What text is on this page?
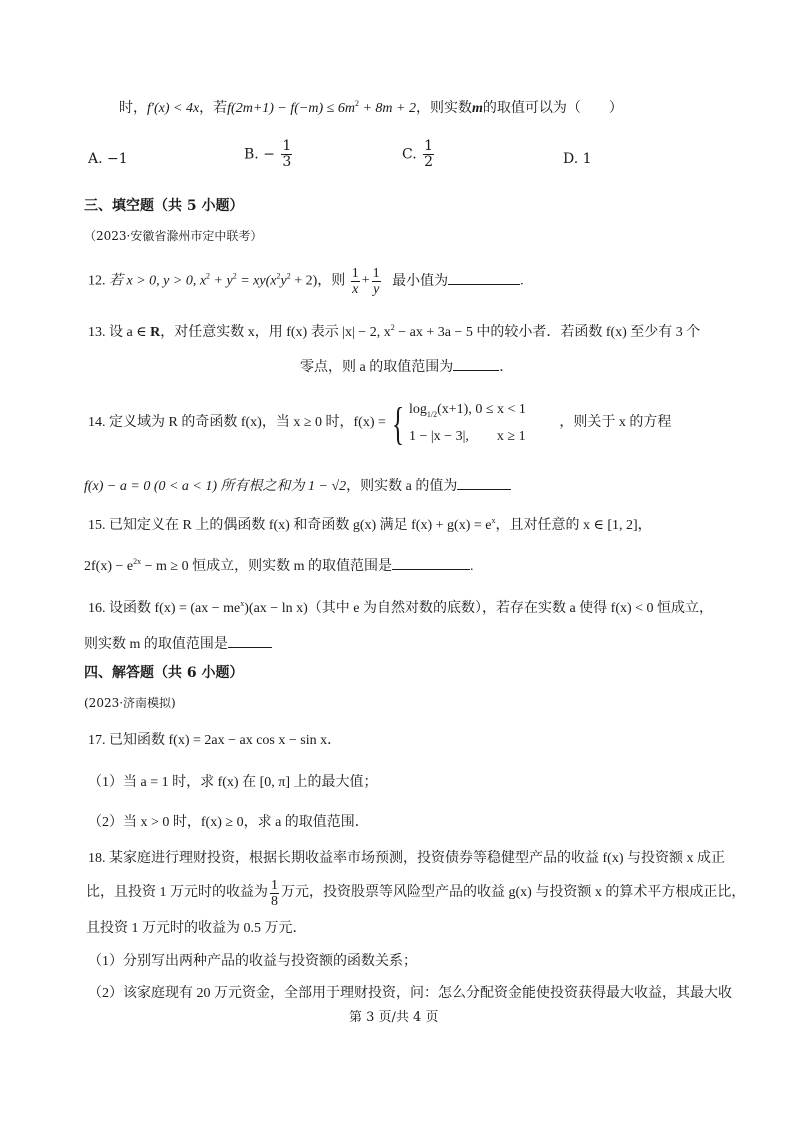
时，f′(x) < 4x，若$f(2m+1) - f(-m) \le 6m^2 + 8m + 2$，则实数m的取值可以为（　　）
A. −1	B. − $\frac{1}{3}$	C. $\frac{1}{2}$	D. 1
三、填空题（共 5 小题）
（2023·安徽省滁州市定中联考）
12. 若 x > 0, y > 0, $x^2 + y^2 = xy(x^2y^2 + 2)$，则 $\frac{1}{x} + \frac{1}{y}$ 最小值为	.
13. 设 a ∈ R，对任意实数 x，用 f(x) 表示 |x| − 2, $x^2$ − ax + 3a − 5 中的较小者．若函数 f(x) 至少有 3 个
零点，则 a 的取值范围为	．
14. 定义域为 R 的奇函数 f(x)，当 x ≥ 0 时，f(x) = { $\log_{1/2}(x+1)$, 0 ≤ x < 1
1 − |x − 3|,　　x ≥ 1
，则关于 x 的方程
f(x) − a = 0 (0 < a < 1) 所有根之和为 1 − √2，则实数 a 的值为
15. 已知定义在 R 上的偶函数 f(x) 和奇函数 g(x) 满足 $f(x) + g(x) = e^x$，且对任意的 x ∈ [1, 2]，
$2f(x) - e^{2x} - m \ge 0$ 恒成立，则实数 m 的取值范围是	.
16. 设函数 $f(x) = (ax - me^x)(ax - \ln x)$（其中 e 为自然对数的底数），若存在实数 a 使得 f(x) < 0 恒成立，
则实数 m 的取值范围是
四、解答题（共 6 小题）
(2023·济南模拟)
17. 已知函数 f(x) = 2ax − ax cos x − sin x．
（1）当 a = 1 时，求 f(x) 在 [0, π] 上的最大值；
（2）当 x > 0 时，f(x) ≥ 0，求 a 的取值范围．
18. 某家庭进行理财投资，根据长期收益率市场预测，投资债券等稳健型产品的收益 f(x) 与投资额 x 成正
比，且投资 1 万元时的收益为 $\frac{1}{8}$ 万元，投资股票等风险型产品的收益 g(x) 与投资额 x 的算术平方根成正比，
且投资 1 万元时的收益为 0.5 万元．
（1）分别写出两种产品的收益与投资额的函数关系；
（2）该家庭现有 20 万元资金，全部用于理财投资，问：怎么分配资金能使投资获得最大收益，其最大收
第 3 页/共 4 页
